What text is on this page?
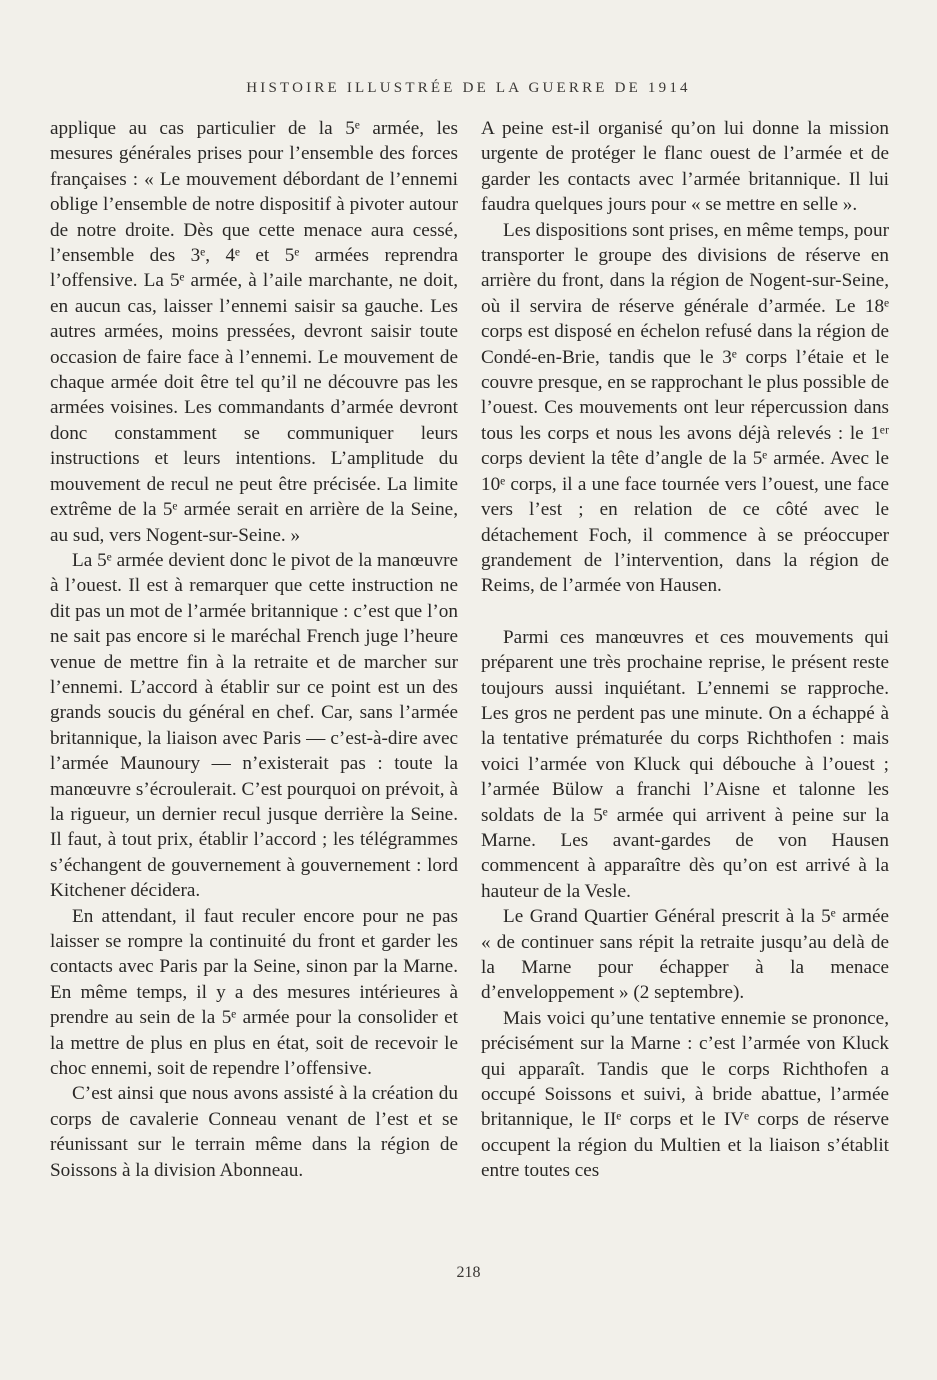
HISTOIRE ILLUSTRÉE DE LA GUERRE DE 1914

applique au cas particulier de la 5ᵉ armée, les mesures générales prises pour l’ensemble des forces françaises : « Le mouvement débordant de l’ennemi oblige l’ensemble de notre dispositif à pivoter autour de notre droite. Dès que cette menace aura cessé, l’ensemble des 3ᵉ, 4ᵉ et 5ᵉ armées reprendra l’offensive. La 5ᵉ armée, à l’aile marchante, ne doit, en aucun cas, laisser l’ennemi saisir sa gauche. Les autres armées, moins pressées, devront saisir toute occasion de faire face à l’ennemi. Le mouvement de chaque armée doit être tel qu’il ne découvre pas les armées voisines. Les commandants d’armée devront donc constamment se communiquer leurs instructions et leurs intentions. L’amplitude du mouvement de recul ne peut être précisée. La limite extrême de la 5ᵉ armée serait en arrière de la Seine, au sud, vers Nogent-sur-Seine. »

La 5ᵉ armée devient donc le pivot de la manœuvre à l’ouest. Il est à remarquer que cette instruction ne dit pas un mot de l’armée britannique : c’est que l’on ne sait pas encore si le maréchal French juge l’heure venue de mettre fin à la retraite et de marcher sur l’ennemi. L’accord à établir sur ce point est un des grands soucis du général en chef. Car, sans l’armée britannique, la liaison avec Paris — c’est-à-dire avec l’armée Maunoury — n’existerait pas : toute la manœuvre s’écroulerait. C’est pourquoi on prévoit, à la rigueur, un dernier recul jusque derrière la Seine. Il faut, à tout prix, établir l’accord ; les télégrammes s’échangent de gouvernement à gouvernement : lord Kitchener décidera.

En attendant, il faut reculer encore pour ne pas laisser se rompre la continuité du front et garder les contacts avec Paris par la Seine, sinon par la Marne. En même temps, il y a des mesures intérieures à prendre au sein de la 5ᵉ armée pour la consolider et la mettre de plus en plus en état, soit de recevoir le choc ennemi, soit de rependre l’offensive.

C’est ainsi que nous avons assisté à la création du corps de cavalerie Conneau venant de l’est et se réunissant sur le terrain même dans la région de Soissons à la division Abonneau.

A peine est-il organisé qu’on lui donne la mission urgente de protéger le flanc ouest de l’armée et de garder les contacts avec l’armée britannique. Il lui faudra quelques jours pour « se mettre en selle ».

Les dispositions sont prises, en même temps, pour transporter le groupe des divisions de réserve en arrière du front, dans la région de Nogent-sur-Seine, où il servira de réserve générale d’armée. Le 18ᵉ corps est disposé en échelon refusé dans la région de Condé-en-Brie, tandis que le 3ᵉ corps l’étaie et le couvre presque, en se rapprochant le plus possible de l’ouest. Ces mouvements ont leur répercussion dans tous les corps et nous les avons déjà relevés : le 1ᵉʳ corps devient la tête d’angle de la 5ᵉ armée. Avec le 10ᵉ corps, il a une face tournée vers l’ouest, une face vers l’est ; en relation de ce côté avec le détachement Foch, il commence à se préoccuper grandement de l’intervention, dans la région de Reims, de l’armée von Hausen.

Parmi ces manœuvres et ces mouvements qui préparent une très prochaine reprise, le présent reste toujours aussi inquiétant. L’ennemi se rapproche. Les gros ne perdent pas une minute. On a échappé à la tentative prématurée du corps Richthofen : mais voici l’armée von Kluck qui débouche à l’ouest ; l’armée Bülow a franchi l’Aisne et talonne les soldats de la 5ᵉ armée qui arrivent à peine sur la Marne. Les avant-gardes de von Hausen commencent à apparaître dès qu’on est arrivé à la hauteur de la Vesle.

Le Grand Quartier Général prescrit à la 5ᵉ armée « de continuer sans répit la retraite jusqu’au delà de la Marne pour échapper à la menace d’enveloppement » (2 septembre).

Mais voici qu’une tentative ennemie se prononce, précisément sur la Marne : c’est l’armée von Kluck qui apparaît. Tandis que le corps Richthofen a occupé Soissons et suivi, à bride abattue, l’armée britannique, le IIᵉ corps et le IVᵉ corps de réserve occupent la région du Multien et la liaison s’établit entre toutes ces

218
